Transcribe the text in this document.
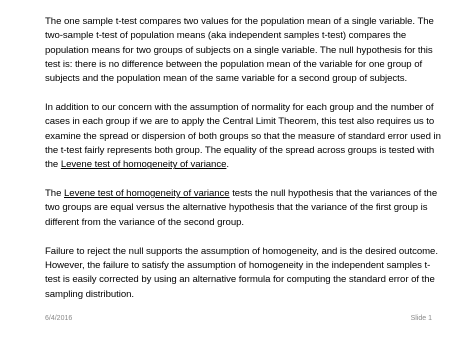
The one sample t-test compares two values for the population mean of a single variable. The two-sample t-test of population means (aka independent samples t-test) compares the population means for two groups of subjects on a single variable. The null hypothesis for this test is: there is no difference between the population mean of the variable for one group of subjects and the population mean of the same variable for a second group of subjects.

In addition to our concern with the assumption of normality for each group and the number of cases in each group if we are to apply the Central Limit Theorem, this test also requires us to examine the spread or dispersion of both groups so that the measure of standard error used in the t-test fairly represents both group. The equality of the spread across groups is tested with the Levene test of homogeneity of variance.

The Levene test of homogeneity of variance tests the null hypothesis that the variances of the two groups are equal versus the alternative hypothesis that the variance of the first group is different from the variance of the second group.

Failure to reject the null supports the assumption of homogeneity, and is the desired outcome. However, the failure to satisfy the assumption of homogeneity in the independent samples t-test is easily corrected by using an alternative formula for computing the standard error of the sampling distribution.

6/4/2016	Slide 1
